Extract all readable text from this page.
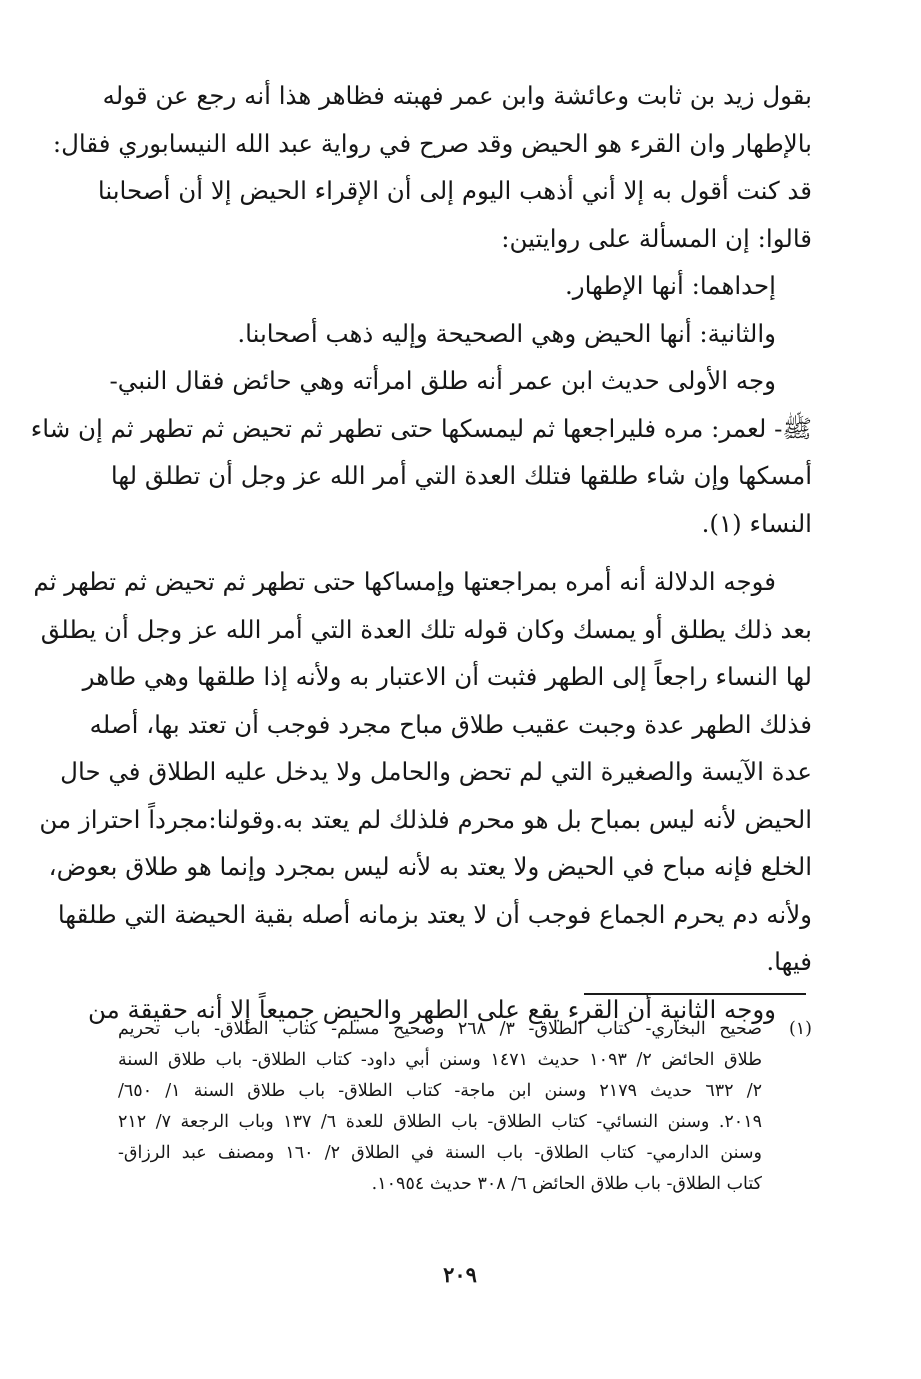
بقول زيد بن ثابت وعائشة وابن عمر فهبته فظاهر هذا أنه رجع عن قوله
بالإطهار وان القرء هو الحيض وقد صرح في رواية عبد الله النيسابوري فقال:
قد كنت أقول به إلا أني أذهب اليوم إلى أن الإقراء الحيض إلا أن أصحابنا
قالوا: إن المسألة على روايتين:
إحداهما: أنها الإطهار.
والثانية: أنها الحيض وهي الصحيحة وإليه ذهب أصحابنا.
وجه الأولى حديث ابن عمر أنه طلق امرأته وهي حائض فقال النبي-
ﷺ- لعمر: مره فليراجعها ثم ليمسكها حتى تطهر ثم تحيض ثم تطهر ثم إن شاء
أمسكها وإن شاء طلقها فتلك العدة التي أمر الله عز وجل أن تطلق لها
النساء (١).
فوجه الدلالة أنه أمره بمراجعتها وإمساكها حتى تطهر ثم تحيض ثم تطهر ثم
بعد ذلك يطلق أو يمسك وكان قوله تلك العدة التي أمر الله عز وجل أن يطلق
لها النساء راجعاً إلى الطهر فثبت أن الاعتبار به ولأنه إذا طلقها وهي طاهر
فذلك الطهر عدة وجبت عقيب طلاق مباح مجرد فوجب أن تعتد بها، أصله
عدة الآيسة والصغيرة التي لم تحض والحامل ولا يدخل عليه الطلاق في حال
الحيض لأنه ليس بمباح بل هو محرم فلذلك لم يعتد به.وقولنا:مجرداً احتراز من
الخلع فإنه مباح في الحيض ولا يعتد به لأنه ليس بمجرد وإنما هو طلاق بعوض،
ولأنه دم يحرم الجماع فوجب أن لا يعتد بزمانه أصله بقية الحيضة التي طلقها
فيها.
ووجه الثانية أن القرء يقع على الطهر والحيض جميعاً إلا أنه حقيقة من
(١)
صحيح البخاري- كتاب الطلاق- ٣/ ٢٦٨ وصحيح مسلم- كتاب الطلاق- باب تحريم
طلاق الحائض ٢/ ١٠٩٣ حديث ١٤٧١ وسنن أبي داود- كتاب الطلاق- باب طلاق السنة
٢/ ٦٣٢ حديث ٢١٧٩ وسنن ابن ماجة- كتاب الطلاق- باب طلاق السنة ١/ ٦٥٠/
٢٠١٩. وسنن النسائي- كتاب الطلاق- باب الطلاق للعدة ٦/ ١٣٧ وباب الرجعة ٧/ ٢١٢
وسنن الدارمي- كتاب الطلاق- باب السنة في الطلاق ٢/ ١٦٠ ومصنف عبد الرزاق-
كتاب الطلاق- باب طلاق الحائض ٦/ ٣٠٨ حديث ١٠٩٥٤.
٢٠٩
